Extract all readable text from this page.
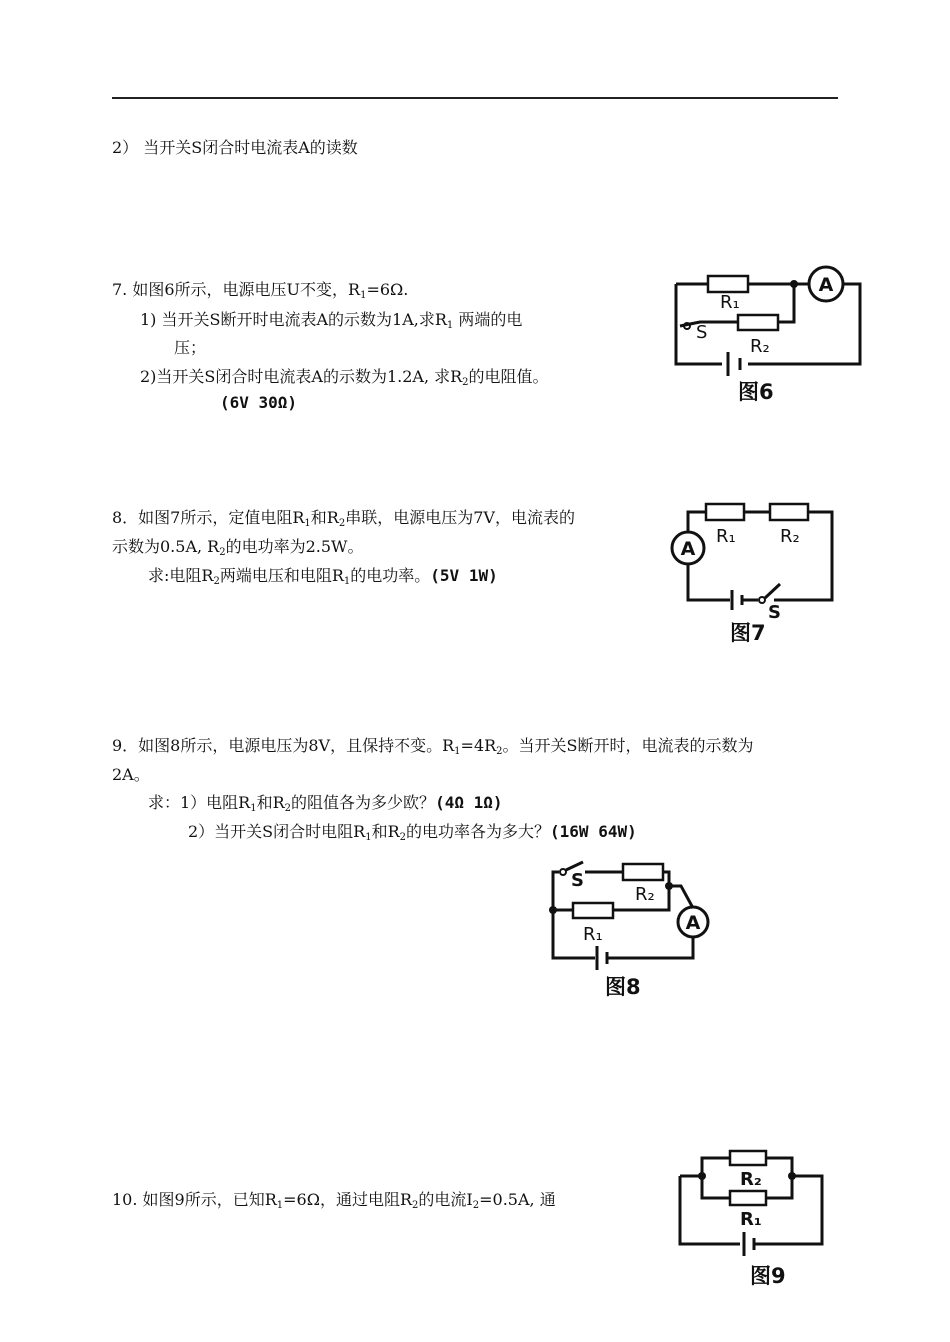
2） 当开关S闭合时电流表A的读数
7. 如图6所示，电源电压U不变，$R_1=6\Omega$.
1) 当开关S断开时电流表A的示数为1A,求$R_1$ 两端的电
压；
2)当开关S闭合时电流表A的示数为1.2A, 求$R_2$的电阻值。
(6V 30Ω)
A
R₁
R₂
S
图6
8．如图7所示，定值电阻$R_1$和$R_2$串联，电源电压为7V，电流表的
示数为0.5A, $R_2$的电功率为2.5W。
求:电阻$R_2$两端电压和电阻$R_1$的电功率。(5V 1W)
A
R₁ R₂
S
图7
9．如图8所示，电源电压为8V，且保持不变。$R_1=4R_2$。当开关S断开时，电流表的示数为
2A。
求：1）电阻$R_1$和$R_2$的阻值各为多少欧？(4Ω 1Ω)
2）当开关S闭合时电阻$R_1$和$R_2$的电功率各为多大？(16W 64W)
A
S
R₂
R₁
图8
10. 如图9所示，已知$R_1=6\Omega$，通过电阻$R_2$的电流$I_2=0.5A$, 通
R₂
R₁
图9
